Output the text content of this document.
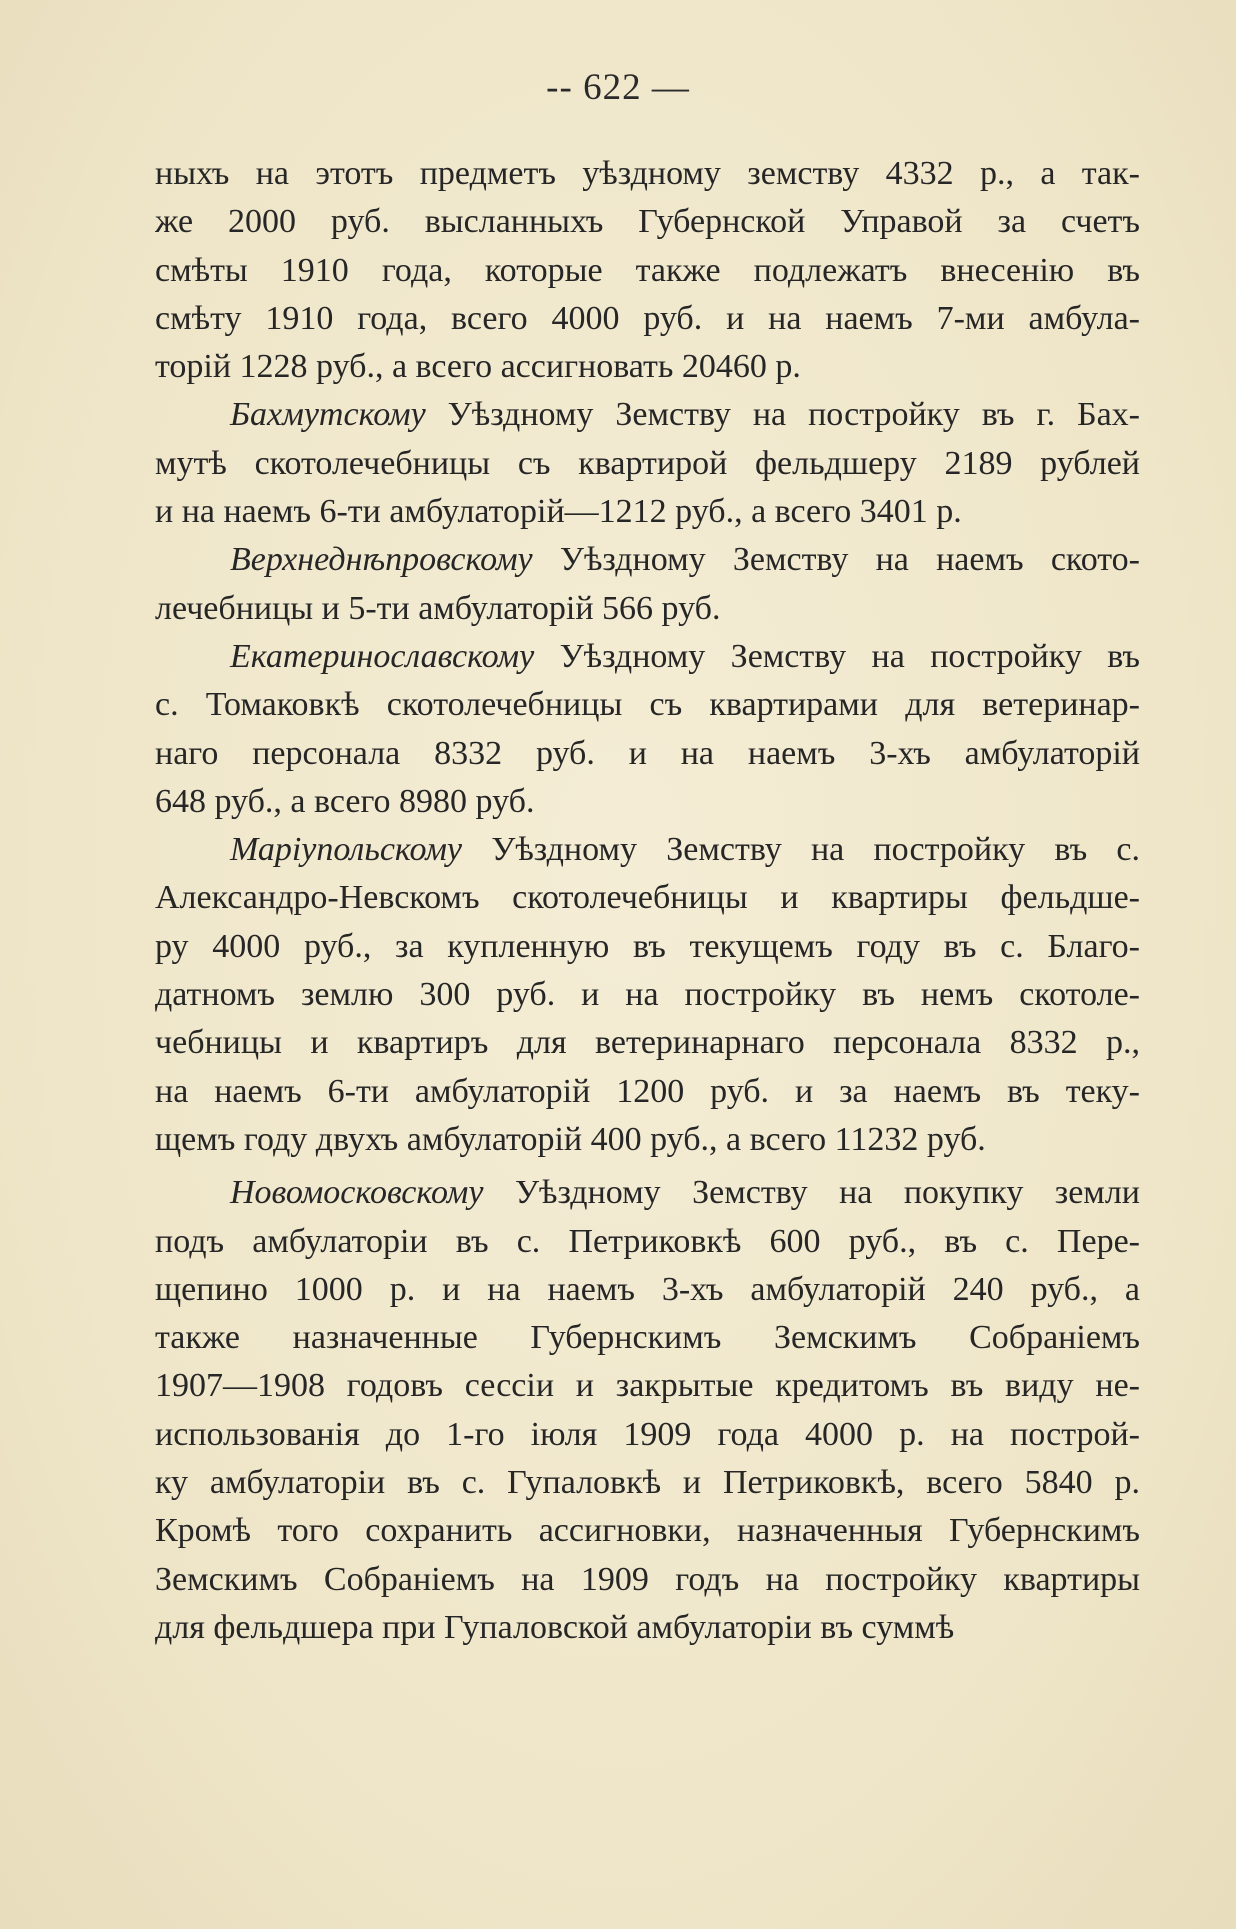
-- 622 —
ныхъ на этотъ предметъ уѣздному земству 4332 р., а так-
же 2000 руб. высланныхъ Губернской Управой за счетъ
смѣты 1910 года, которые также подлежатъ внесенію въ
смѣту 1910 года, всего 4000 руб. и на наемъ 7-ми амбула-
торій 1228 руб., а всего ассигновать 20460 р.
Бахмутскому Уѣздному Земству на постройку въ г. Бах-
мутѣ скотолечебницы съ квартирой фельдшеру 2189 рублей
и на наемъ 6-ти амбулаторій—1212 руб., а всего 3401 р.
Верхнеднѣпровскому Уѣздному Земству на наемъ ското-
лечебницы и 5-ти амбулаторій 566 руб.
Екатеринославскому Уѣздному Земству на постройку въ
с. Томаковкѣ скотолечебницы съ квартирами для ветеринар-
наго персонала 8332 руб. и на наемъ 3-хъ амбулаторій
648 руб., а всего 8980 руб.
Маріупольскому Уѣздному Земству на постройку въ с.
Александро-Невскомъ скотолечебницы и квартиры фельдше-
ру 4000 руб., за купленную въ текущемъ году въ с. Благо-
датномъ землю 300 руб. и на постройку въ немъ скотоле-
чебницы и квартиръ для ветеринарнаго персонала 8332 р.,
на наемъ 6-ти амбулаторій 1200 руб. и за наемъ въ теку-
щемъ году двухъ амбулаторій 400 руб., а всего 11232 руб.
Новомосковскому Уѣздному Земству на покупку земли
подъ амбулаторіи въ с. Петриковкѣ 600 руб., въ с. Пере-
щепино 1000 р. и на наемъ 3-хъ амбулаторій 240 руб., а
также назначенные Губернскимъ Земскимъ Собраніемъ
1907—1908 годовъ сессіи и закрытые кредитомъ въ виду не-
использованія до 1-го іюля 1909 года 4000 р. на построй-
ку амбулаторіи въ с. Гупаловкѣ и Петриковкѣ, всего 5840 р.
Кромѣ того сохранить ассигновки, назначенныя Губернскимъ
Земскимъ Собраніемъ на 1909 годъ на постройку квартиры
для фельдшера при Гупаловской амбулаторіи въ суммѣ
